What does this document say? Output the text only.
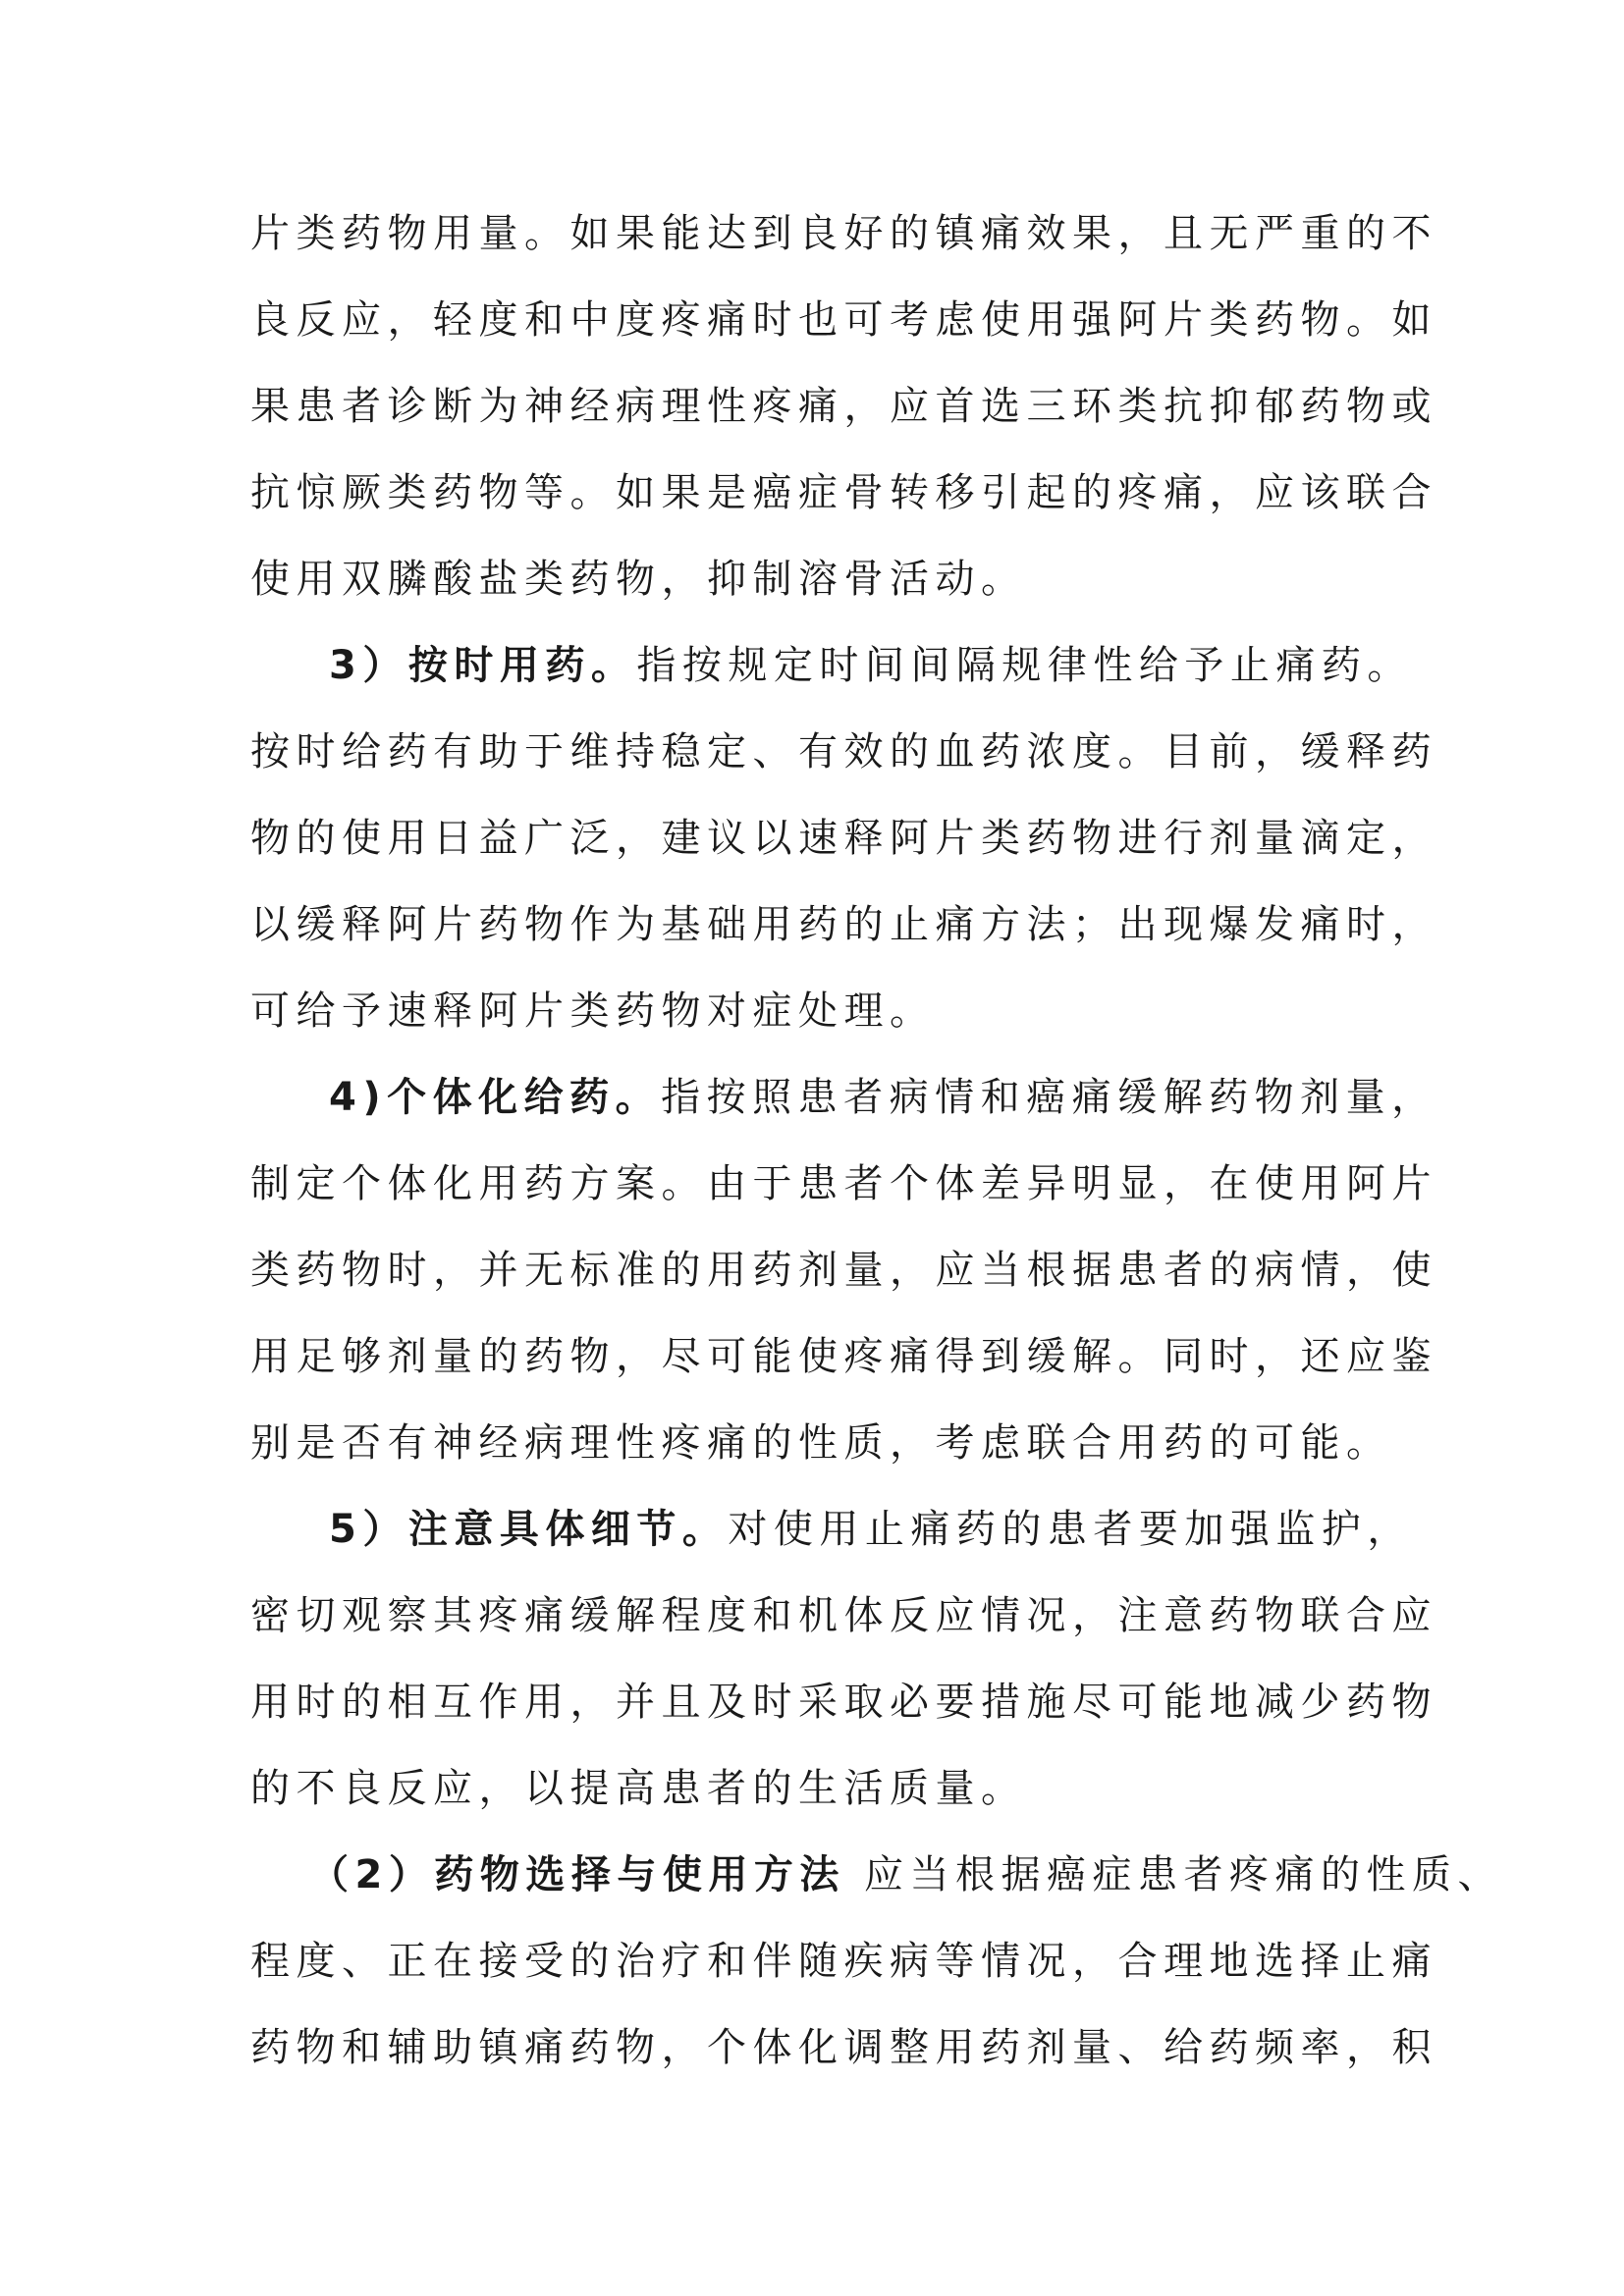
片类药物用量。如果能达到良好的镇痛效果，且无严重的不
良反应，轻度和中度疼痛时也可考虑使用强阿片类药物。如
果患者诊断为神经病理性疼痛，应首选三环类抗抑郁药物或
抗惊厥类药物等。如果是癌症骨转移引起的疼痛，应该联合
使用双膦酸盐类药物，抑制溶骨活动。
3）按时用药。指按规定时间间隔规律性给予止痛药。
按时给药有助于维持稳定、有效的血药浓度。目前，缓释药
物的使用日益广泛，建议以速释阿片类药物进行剂量滴定，
以缓释阿片药物作为基础用药的止痛方法；出现爆发痛时，
可给予速释阿片类药物对症处理。
4)个体化给药。指按照患者病情和癌痛缓解药物剂量，
制定个体化用药方案。由于患者个体差异明显，在使用阿片
类药物时，并无标准的用药剂量，应当根据患者的病情，使
用足够剂量的药物，尽可能使疼痛得到缓解。同时，还应鉴
别是否有神经病理性疼痛的性质，考虑联合用药的可能。
5）注意具体细节。对使用止痛药的患者要加强监护，
密切观察其疼痛缓解程度和机体反应情况，注意药物联合应
用时的相互作用，并且及时采取必要措施尽可能地减少药物
的不良反应，以提高患者的生活质量。
（2）药物选择与使用方法 应当根据癌症患者疼痛的性质、
程度、正在接受的治疗和伴随疾病等情况，合理地选择止痛
药物和辅助镇痛药物，个体化调整用药剂量、给药频率，积
